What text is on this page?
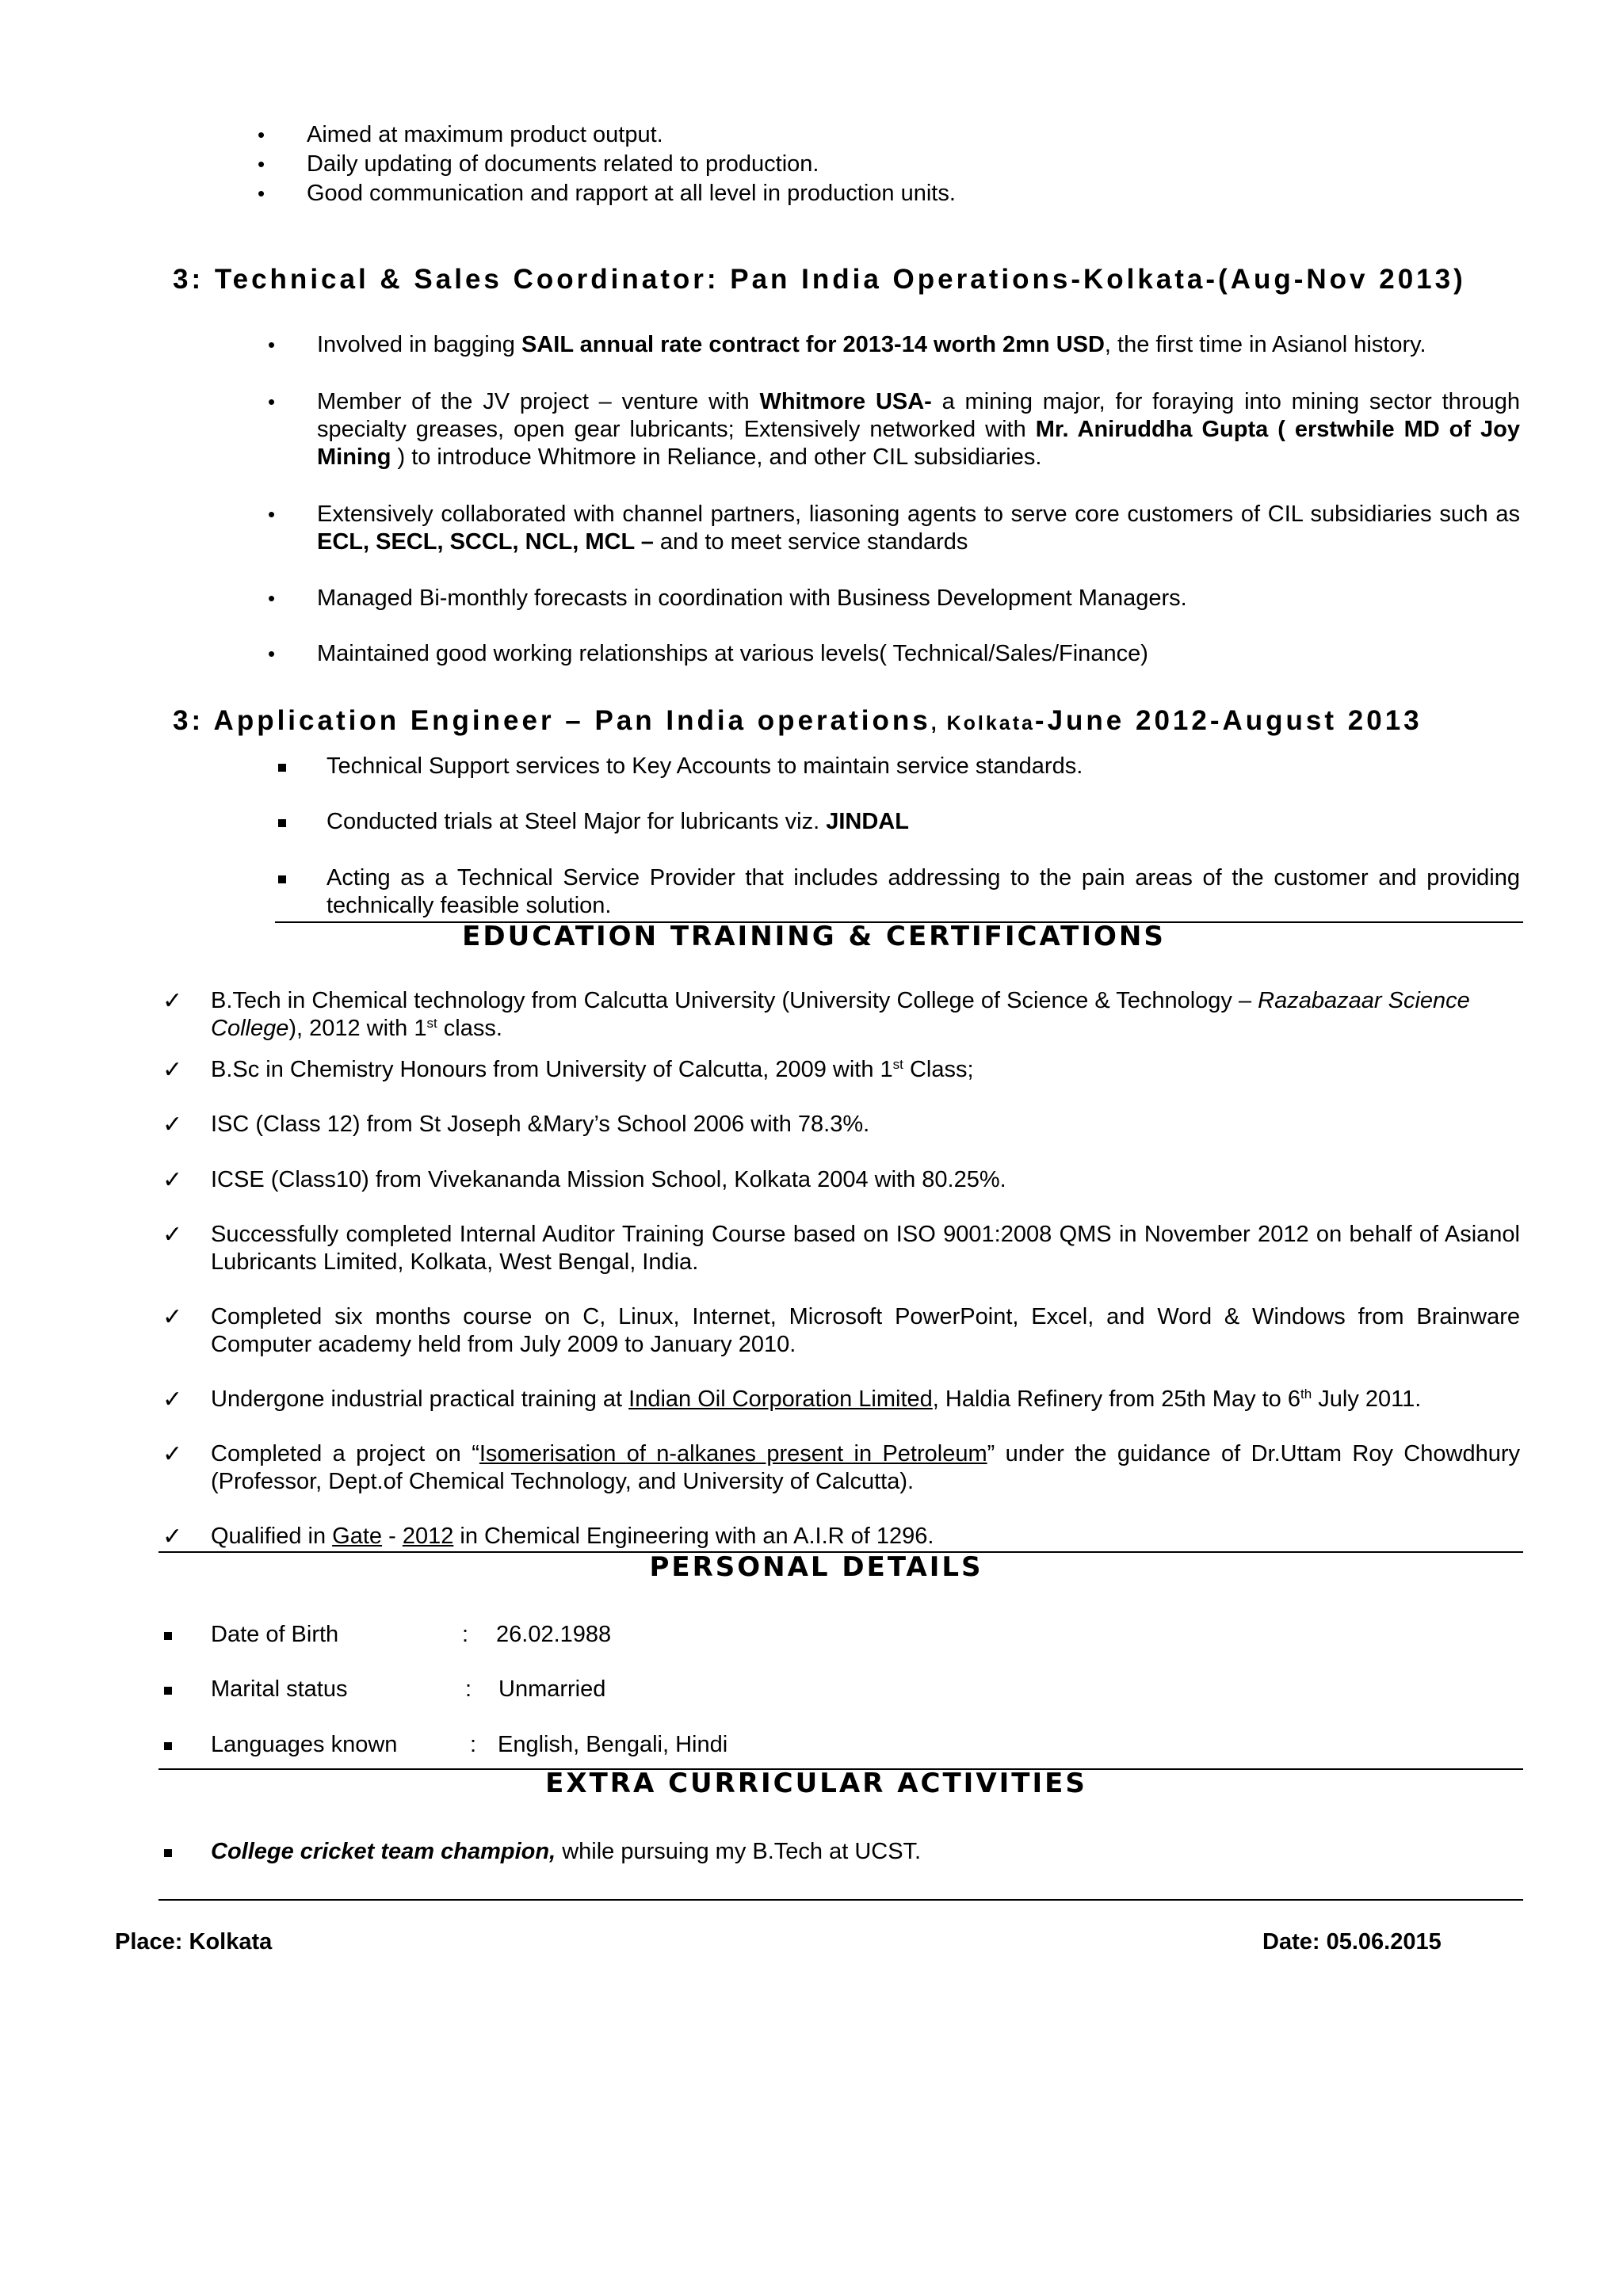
• Aimed at maximum product output.
• Daily updating of documents related to production.
• Good communication and rapport at all level in production units.
3: Technical & Sales Coordinator: Pan India Operations-Kolkata-(Aug-Nov 2013)
• Involved in bagging SAIL annual rate contract for 2013-14 worth 2mn USD, the first time in Asianol history.
• Member of the JV project – venture with Whitmore USA- a mining major, for foraying into mining sector through specialty greases, open gear lubricants; Extensively networked with Mr. Aniruddha Gupta ( erstwhile MD of Joy Mining ) to introduce Whitmore in Reliance, and other CIL subsidiaries.
• Extensively collaborated with channel partners, liasoning agents to serve core customers of CIL subsidiaries such as ECL, SECL, SCCL, NCL, MCL – and to meet service standards
• Managed Bi-monthly forecasts in coordination with Business Development Managers.
• Maintained good working relationships at various levels( Technical/Sales/Finance)
3: Application Engineer – Pan India operations, Kolkata-June 2012-August 2013
Technical Support services to Key Accounts to maintain service standards.
Conducted trials at Steel Major for lubricants viz. JINDAL
Acting as a Technical Service Provider that includes addressing to the pain areas of the customer and providing technically feasible solution.
EDUCATION TRAINING & CERTIFICATIONS
✓ B.Tech in Chemical technology from Calcutta University (University College of Science & Technology – Razabazaar Science College), 2012 with 1st class.
✓ B.Sc in Chemistry Honours from University of Calcutta, 2009 with 1st Class;
✓ ISC (Class 12) from St Joseph &Mary’s School 2006 with 78.3%.
✓ ICSE (Class10) from Vivekananda Mission School, Kolkata 2004 with 80.25%.
✓ Successfully completed Internal Auditor Training Course based on ISO 9001:2008 QMS in November 2012 on behalf of Asianol Lubricants Limited, Kolkata, West Bengal, India.
✓ Completed six months course on C, Linux, Internet, Microsoft PowerPoint, Excel, and Word & Windows from Brainware Computer academy held from July 2009 to January 2010.
✓ Undergone industrial practical training at Indian Oil Corporation Limited, Haldia Refinery from 25th May to 6th July 2011.
✓ Completed a project on “Isomerisation of n-alkanes present in Petroleum” under the guidance of Dr.Uttam Roy Chowdhury (Professor, Dept.of Chemical Technology, and University of Calcutta).
✓ Qualified in Gate - 2012 in Chemical Engineering with an A.I.R of 1296.
PERSONAL DETAILS
Date of Birth	: 26.02.1988
Marital status	: Unmarried
Languages known	: English, Bengali, Hindi
EXTRA CURRICULAR ACTIVITIES
College cricket team champion, while pursuing my B.Tech at UCST.
Place: Kolkata	Date: 05.06.2015
